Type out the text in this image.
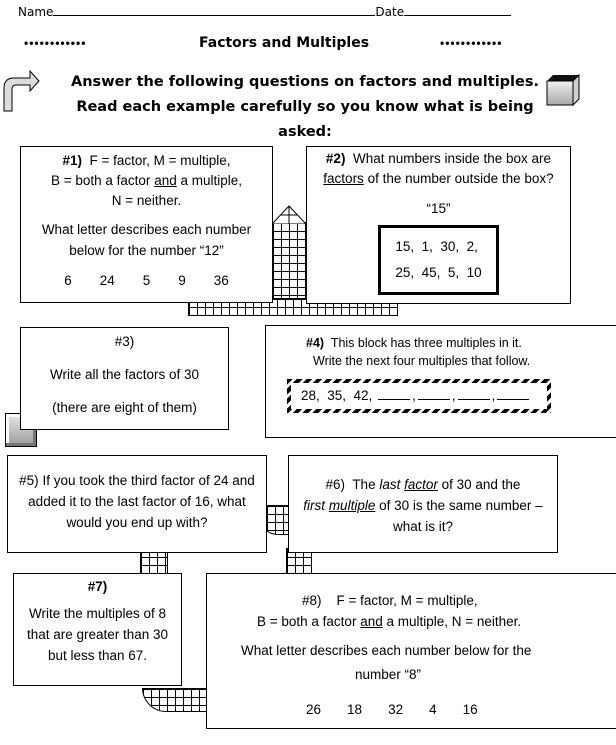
Name	Date
••••••••••••	Factors and Multiples	••••••••••••
Answer the following questions on factors and multiples.
Read each example carefully so you know what is being asked:
#1) F = factor, M = multiple,
B = both a factor and a multiple,
N = neither.
What letter describes each number below for the number “12”
6 24 5 9 36
#2) What numbers inside the box are
factors of the number outside the box?
“15”
15,  1,  30,  2,
25,  45,  5,  10
#3)
Write all the factors of 30
(there are eight of them)
#4) This block has three multiples in it.
Write the next four multiples that follow.
28,  35,  42,	,	,	,
#5) If you took the third factor of 24 and added it to the last factor of 16, what would you end up with?
#6) The last factor of 30 and the
first multiple of 30 is the same number –
what is it?
#7)
Write the multiples of 8
that are greater than 30
but less than 67.
#8) F = factor, M = multiple,
B = both a factor and a multiple, N = neither.
What letter describes each number below for the
number “8”
26 18 32 4 16
